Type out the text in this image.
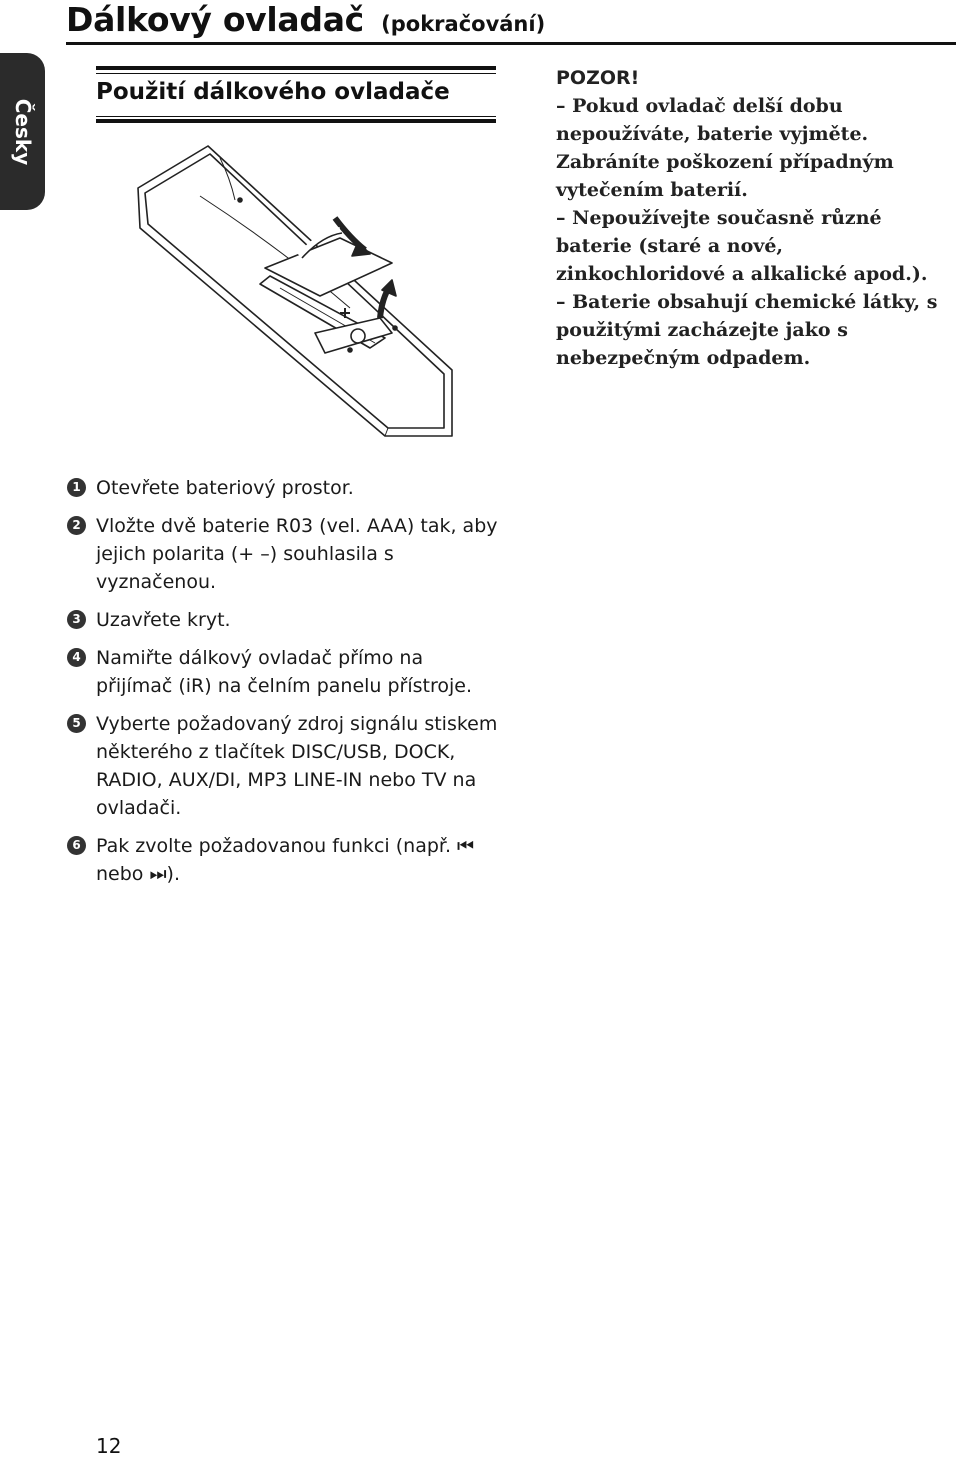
Dálkový ovladač (pokračování)
Česky
Použití dálkového ovladače
POZOR!
– Pokud ovladač delší dobu nepoužíváte, baterie vyjměte. Zabráníte poškození případným vytečením baterií.
– Nepoužívejte současně různé baterie (staré a nové, zinkochloridové a alkalické apod.).
– Baterie obsahují chemické látky, s použitými zacházejte jako s nebezpečným odpadem.
1 Otevřete bateriový prostor.
2 Vložte dvě baterie R03 (vel. AAA) tak, aby jejich polarita (+ –) souhlasila s vyznačenou.
3 Uzavřete kryt.
4 Namiřte dálkový ovladač přímo na přijímač (iR) na čelním panelu přístroje.
5 Vyberte požadovaný zdroj signálu stiskem některého z tlačítek DISC/USB, DOCK, RADIO, AUX/DI, MP3 LINE-IN nebo TV na ovladači.
6 Pak zvolte požadovanou funkci (např. ⏮ nebo ⏭).
12
